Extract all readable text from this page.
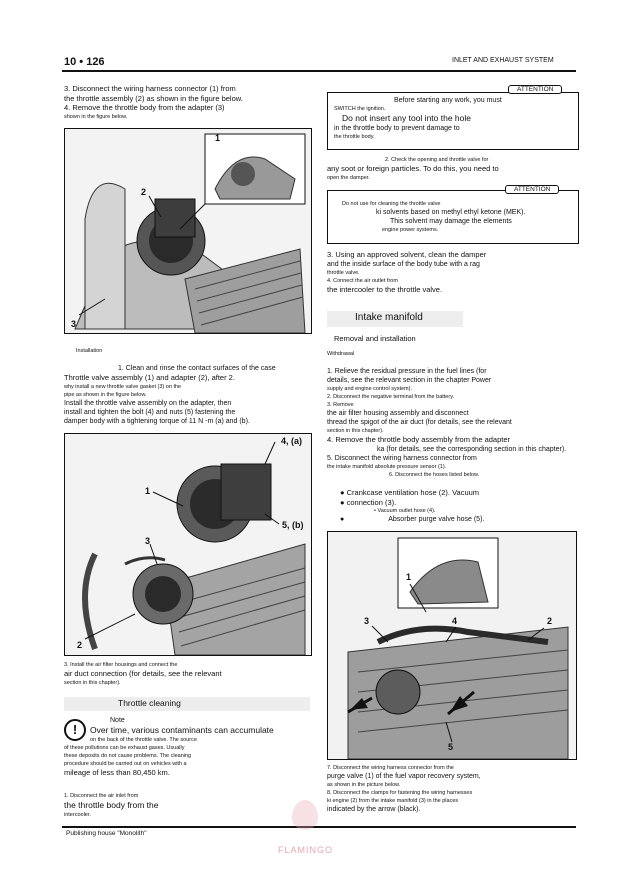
10 • 126	INLET AND EXHAUST SYSTEM
3. Disconnect the wiring harness connector (1) from
the throttle assembly (2) as shown in the figure below.
4. Remove the throttle body from the adapter (3)
shown in the figure below.
1
2
3
Installation
1. Clean and rinse the contact surfaces of the case
Throttle valve assembly (1) and adapter (2), after 2.
why install a new throttle valve gasket (3) on the
pipe as shown in the figure below.
Install the throttle valve assembly on the adapter, then
install and tighten the bolt (4) and nuts (5) fastening the
damper body with a tightening torque of 11 N -m (a) and (b).
4, (a)
1
5, (b)
3
2
3. Install the air filter housings and connect the
air duct connection (for details, see the relevant
section in this chapter).
Throttle cleaning
!
Note
Over time, various contaminants can accumulate
on the back of the throttle valve. The source
of these pollutions can be exhaust gases. Usually
these deposits do not cause problems. The cleaning
procedure should be carried out on vehicles with a
mileage of less than 80,450 km.
1. Disconnect the air inlet from
the throttle body from the
intercooler.
ATTENTION
Before starting any work, you must
SWITCH the ignition.
Do not insert any tool into the hole
in the throttle body to prevent damage to
the throttle body.
2. Check the opening and throttle valve for
any soot or foreign particles. To do this, you need to
open the damper.
ATTENTION
Do not use for cleaning the throttle valve
ki solvents based on methyl ethyl ketone (MEK).
This solvent may damage the elements
engine power systems.
3. Using an approved solvent, clean the damper
and the inside surface of the body tube with a rag
throttle valve.
4. Connect the air outlet from
the intercooler to the throttle valve.
Intake manifold
Removal and installation
Withdrawal
1. Relieve the residual pressure in the fuel lines (for
details, see the relevant section in the chapter Power
supply and engine control system).
2. Disconnect the negative terminal from the battery.
3. Remove
the air filter housing assembly and disconnect
thread the spigot of the air duct (for details, see the relevant
section in this chapter).
4. Remove the throttle body assembly from the adapter
ka (for details, see the corresponding section in this chapter).
5. Disconnect the wiring harness connector from
the intake manifold absolute pressure sensor (1).
6. Disconnect the hoses listed below.
● Crankcase ventilation hose (2). Vacuum
● connection (3).
• Vacuum outlet hose (4).
●	Absorber purge valve hose (5).
1
2
3	4
5
7. Disconnect the wiring harness connector from the
purge valve (1) of the fuel vapor recovery system,
as shown in the picture below.
8. Disconnect the clamps for fastening the wiring harnesses
ki engine (2) from the intake manifold (3) in the places
indicated by the arrow (black).
Publishing house "Monolith"
FLAMINGO
